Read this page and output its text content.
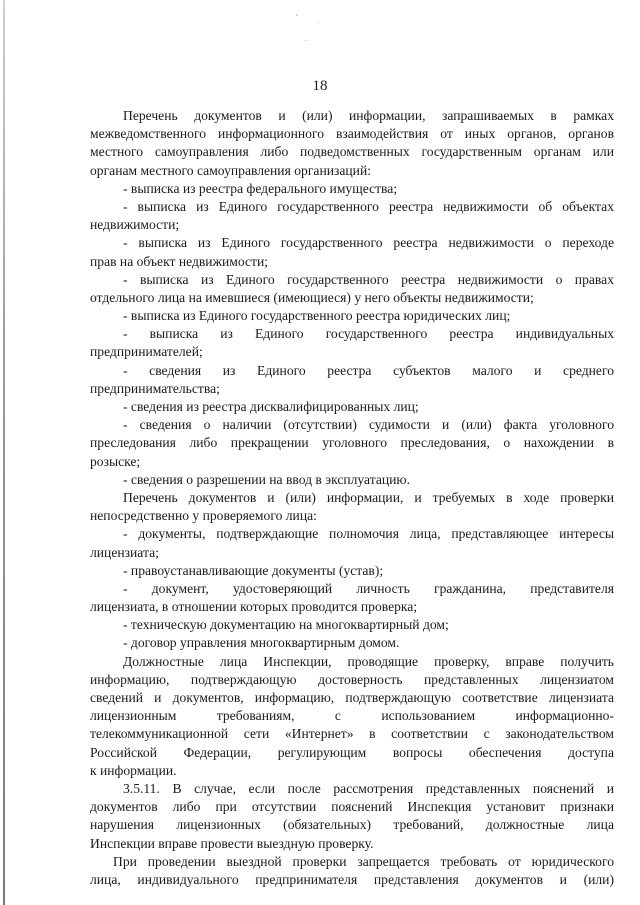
18
Перечень документов и (или) информации, запрашиваемых в рамках
межведомственного информационного взаимодействия от иных органов, органов
местного самоуправления либо подведомственных государственным органам или
органам местного самоуправления организаций:
- выписка из реестра федерального имущества;
- выписка из Единого государственного реестра недвижимости об объектах
недвижимости;
- выписка из Единого государственного реестра недвижимости о переходе
прав на объект недвижимости;
- выписка из Единого государственного реестра недвижимости о правах
отдельного лица на имевшиеся (имеющиеся) у него объекты недвижимости;
- выписка из Единого государственного реестра юридических лиц;
- выписка из Единого государственного реестра индивидуальных
предпринимателей;
- сведения из Единого реестра субъектов малого и среднего
предпринимательства;
- сведения из реестра дисквалифицированных лиц;
- сведения о наличии (отсутствии) судимости и (или) факта уголовного
преследования либо прекращении уголовного преследования, о нахождении в
розыске;
- сведения о разрешении на ввод в эксплуатацию.
Перечень документов и (или) информации, и требуемых в ходе проверки
непосредственно у проверяемого лица:
- документы, подтверждающие полномочия лица, представляющее интересы
лицензиата;
- правоустанавливающие документы (устав);
- документ, удостоверяющий личность гражданина, представителя
лицензиата, в отношении которых проводится проверка;
- техническую документацию на многоквартирный дом;
- договор управления многоквартирным домом.
Должностные лица Инспекции, проводящие проверку, вправе получить
информацию, подтверждающую достоверность представленных лицензиатом
сведений и документов, информацию, подтверждающую соответствие лицензиата
лицензионным требованиям, с использованием информационно-
телекоммуникационной сети «Интернет» в соответствии с законодательством
Российской Федерации, регулирующим вопросы обеспечения доступа
к информации.
3.5.11. В случае, если после рассмотрения представленных пояснений и
документов либо при отсутствии пояснений Инспекция установит признаки
нарушения лицензионных (обязательных) требований, должностные лица
Инспекции вправе провести выездную проверку.
При проведении выездной проверки запрещается требовать от юридического
лица, индивидуального предпринимателя представления документов и (или)
